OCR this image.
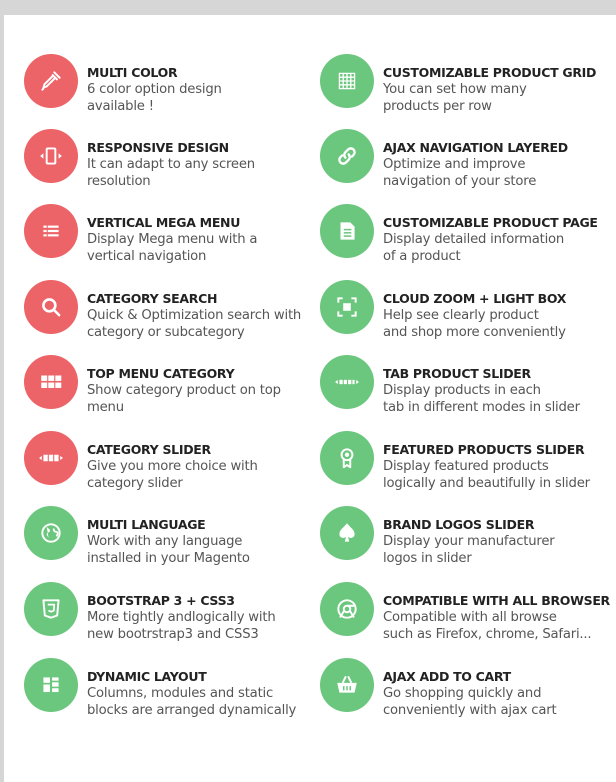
MULTI COLOR
6 color option design
available !
RESPONSIVE DESIGN
It can adapt to any screen
resolution
VERTICAL MEGA MENU
Display Mega menu with a
vertical navigation
CATEGORY SEARCH
Quick & Optimization search with
category or subcategory
TOP MENU CATEGORY
Show category product on top
menu
CATEGORY SLIDER
Give you more choice with
category slider
MULTI LANGUAGE
Work with any language
installed in your Magento
BOOTSTRAP 3 + CSS3
More tightly andlogically with
new bootrstrap3 and CSS3
DYNAMIC LAYOUT
Columns, modules and static
blocks are arranged dynamically
CUSTOMIZABLE PRODUCT GRID
You can set how many
products per row
AJAX NAVIGATION LAYERED
Optimize and improve
navigation of your store
CUSTOMIZABLE PRODUCT PAGE
Display detailed information
of a product
CLOUD ZOOM + LIGHT BOX
Help see clearly product
and shop more conveniently
TAB PRODUCT SLIDER
Display products in each
tab in different modes in slider
FEATURED PRODUCTS SLIDER
Display featured products
logically and beautifully in slider
BRAND LOGOS SLIDER
Display your manufacturer
logos in slider
COMPATIBLE WITH ALL BROWSER
Compatible with all browse
such as Firefox, chrome, Safari...
AJAX ADD TO CART
Go shopping quickly and
conveniently with ajax cart
